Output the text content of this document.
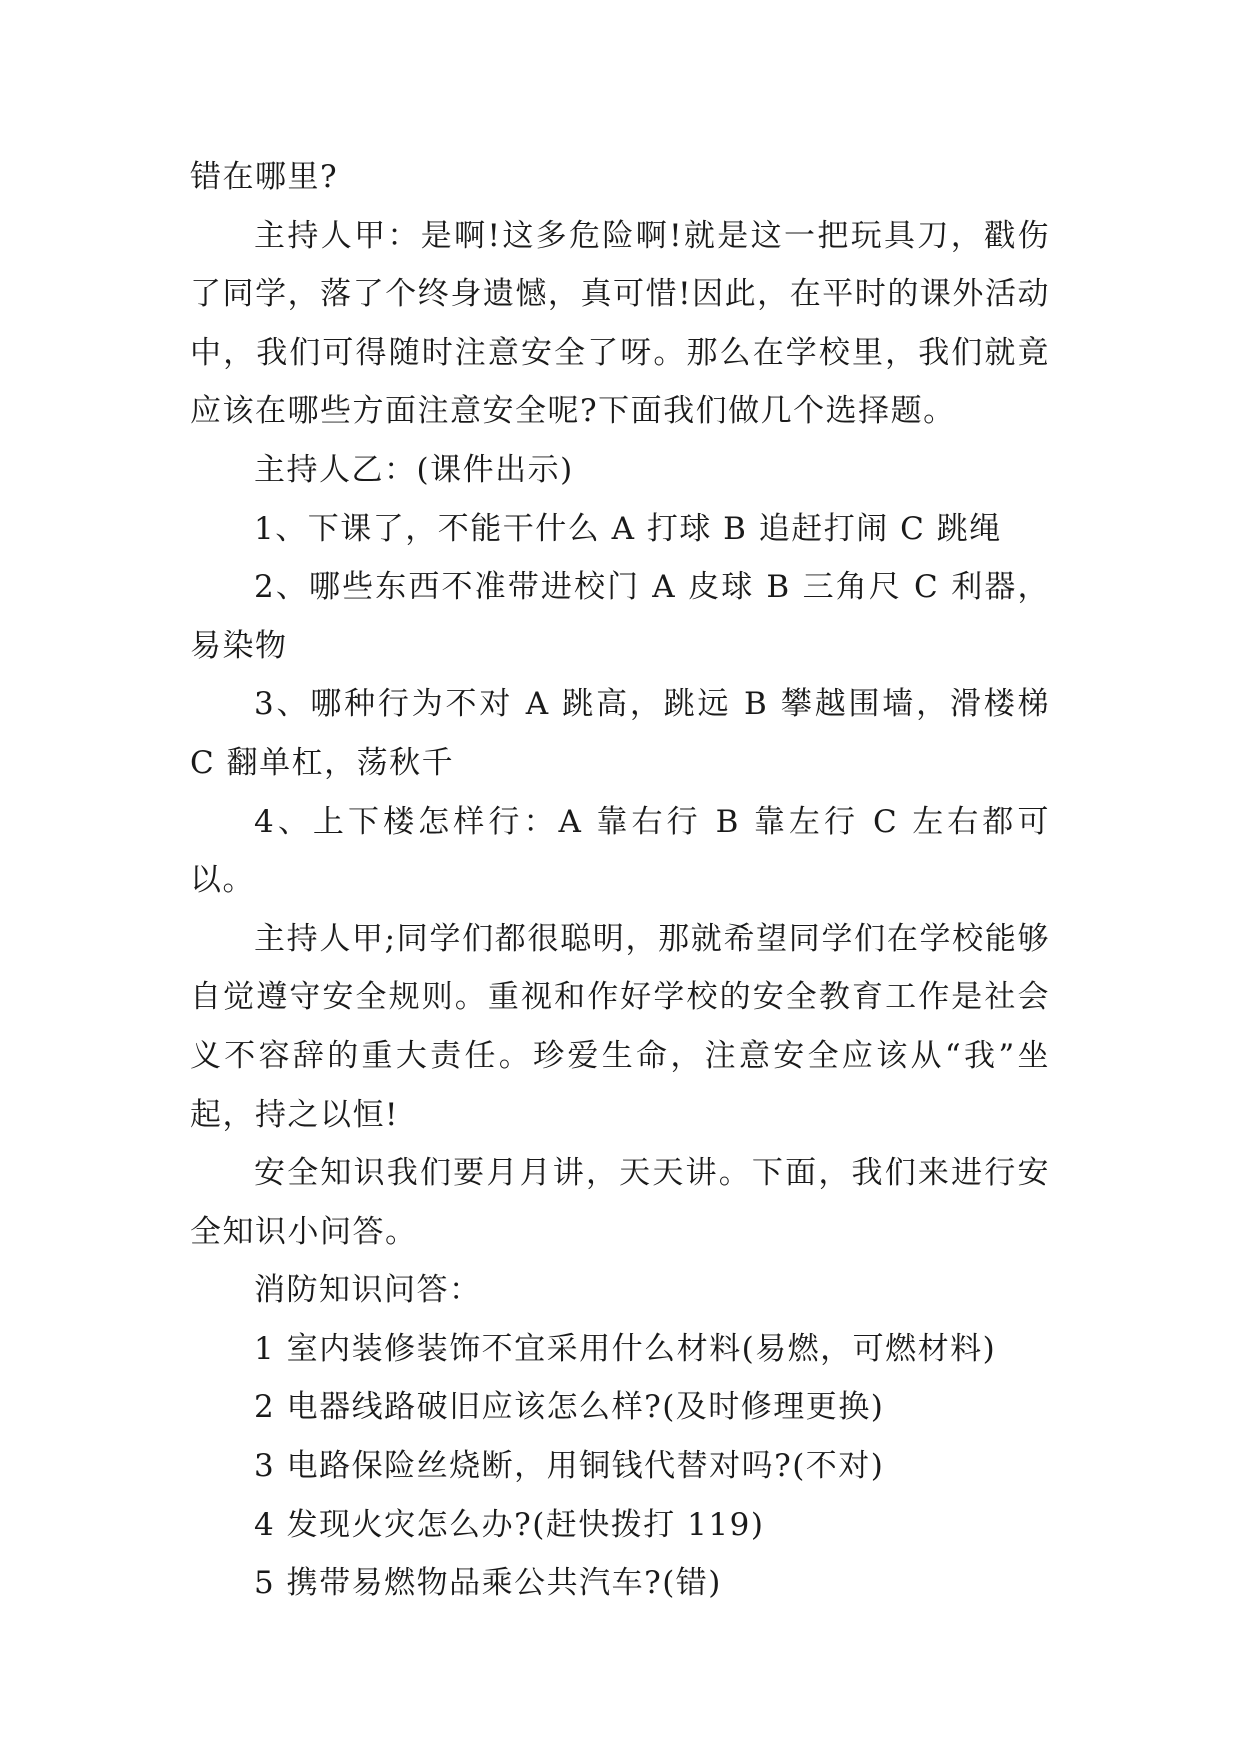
错在哪里?

主持人甲：是啊!这多危险啊!就是这一把玩具刀，戳伤了同学，落了个终身遗憾，真可惜!因此，在平时的课外活动中，我们可得随时注意安全了呀。那么在学校里，我们就竟应该在哪些方面注意安全呢?下面我们做几个选择题。

主持人乙：(课件出示)

1、下课了，不能干什么 A 打球 B 追赶打闹 C 跳绳

2、哪些东西不准带进校门 A 皮球 B 三角尺 C 利器，易染物

3、哪种行为不对 A 跳高，跳远 B 攀越围墙，滑楼梯 C 翻单杠，荡秋千

4、上下楼怎样行：A 靠右行 B 靠左行 C 左右都可以。

主持人甲;同学们都很聪明，那就希望同学们在学校能够自觉遵守安全规则。重视和作好学校的安全教育工作是社会义不容辞的重大责任。珍爱生命，注意安全应该从“我”坐起，持之以恒!

安全知识我们要月月讲，天天讲。下面，我们来进行安全知识小问答。

消防知识问答：

1 室内装修装饰不宜采用什么材料(易燃，可燃材料)

2 电器线路破旧应该怎么样?(及时修理更换)

3 电路保险丝烧断，用铜钱代替对吗?(不对)

4 发现火灾怎么办?(赶快拨打 119)

5 携带易燃物品乘公共汽车?(错)
